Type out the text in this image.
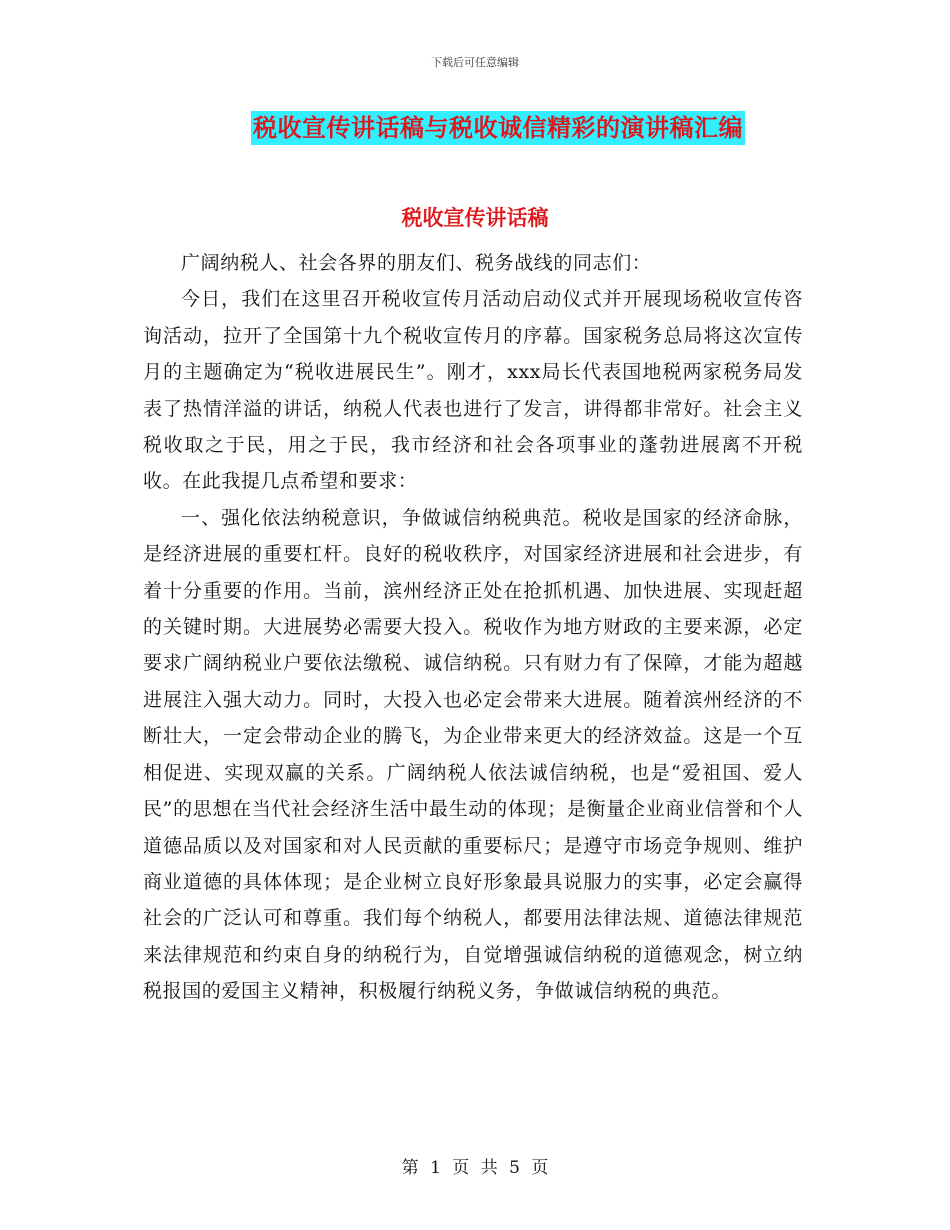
下载后可任意编辑
税收宣传讲话稿与税收诚信精彩的演讲稿汇编
税收宣传讲话稿

广阔纳税人、社会各界的朋友们、税务战线的同志们：

今日，我们在这里召开税收宣传月活动启动仪式并开展现场税收宣传咨询活动，拉开了全国第十九个税收宣传月的序幕。国家税务总局将这次宣传月的主题确定为“税收进展民生”。刚才，xxx局长代表国地税两家税务局发表了热情洋溢的讲话，纳税人代表也进行了发言，讲得都非常好。社会主义税收取之于民，用之于民，我市经济和社会各项事业的蓬勃进展离不开税收。在此我提几点希望和要求：

一、强化依法纳税意识，争做诚信纳税典范。税收是国家的经济命脉，是经济进展的重要杠杆。良好的税收秩序，对国家经济进展和社会进步，有着十分重要的作用。当前，滨州经济正处在抢抓机遇、加快进展、实现赶超的关键时期。大进展势必需要大投入。税收作为地方财政的主要来源，必定要求广阔纳税业户要依法缴税、诚信纳税。只有财力有了保障，才能为超越进展注入强大动力。同时，大投入也必定会带来大进展。随着滨州经济的不断壮大，一定会带动企业的腾飞，为企业带来更大的经济效益。这是一个互相促进、实现双赢的关系。广阔纳税人依法诚信纳税，也是“爱祖国、爱人民”的思想在当代社会经济生活中最生动的体现；是衡量企业商业信誉和个人道德品质以及对国家和对人民贡献的重要标尺；是遵守市场竞争规则、维护商业道德的具体体现；是企业树立良好形象最具说服力的实事，必定会赢得社会的广泛认可和尊重。我们每个纳税人，都要用法律法规、道德法律规范来法律规范和约束自身的纳税行为，自觉增强诚信纳税的道德观念，树立纳税报国的爱国主义精神，积极履行纳税义务，争做诚信纳税的典范。

第 1 页 共 5 页
